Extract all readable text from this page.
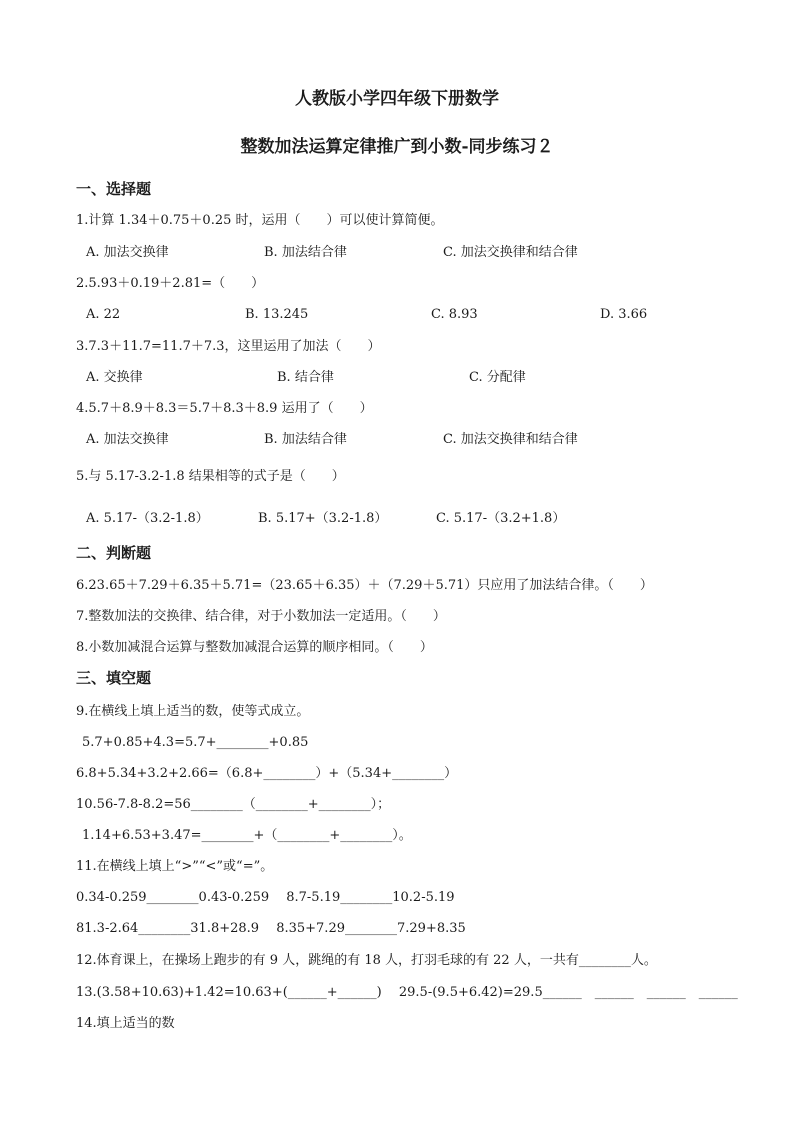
人教版小学四年级下册数学
整数加法运算定律推广到小数-同步练习２
一、选择题
1.计算 1.34＋0.75＋0.25 时，运用（　　）可以使计算简便。
A. 加法交换律	B. 加法结合律	C. 加法交换律和结合律
2.5.93＋0.19＋2.81=（　　）
A. 22	B. 13.245	C. 8.93	D. 3.66
3.7.3＋11.7=11.7＋7.3，这里运用了加法（　　）
A. 交换律	B. 结合律	C. 分配律
4.5.7＋8.9＋8.3＝5.7＋8.3＋8.9 运用了（　　）
A. 加法交换律	B. 加法结合律	C. 加法交换律和结合律
5.与 5.17-3.2-1.8 结果相等的式子是（　　）
A. 5.17-（3.2-1.8）	B. 5.17+（3.2-1.8）	C. 5.17-（3.2+1.8）
二、判断题
6.23.65＋7.29＋6.35＋5.71=（23.65＋6.35）＋（7.29＋5.71）只应用了加法结合律。（　　）
7.整数加法的交换律、结合律，对于小数加法一定适用。（　　）
8.小数加减混合运算与整数加减混合运算的顺序相同。（　　）
三、填空题
9.在横线上填上适当的数，使等式成立。
5.7+0.85+4.3=5.7+________+0.85
6.8+5.34+3.2+2.66=（6.8+________）+（5.34+________）
10.56-7.8-8.2=56________（________+________）；
1.14+6.53+3.47=________+（________+________）。
11.在横线上填上“>”“<”或“=”。
0.34-0.259________0.43-0.259　 8.7-5.19________10.2-5.19
81.3-2.64________31.8+28.9　 8.35+7.29________7.29+8.35
12.体育课上，在操场上跑步的有 9 人，跳绳的有 18 人，打羽毛球的有 22 人，一共有________人。
13.(3.58+10.63)+1.42=10.63+(______+______)　 29.5-(9.5+6.42)=29.5______　______　______　______
14.填上适当的数
